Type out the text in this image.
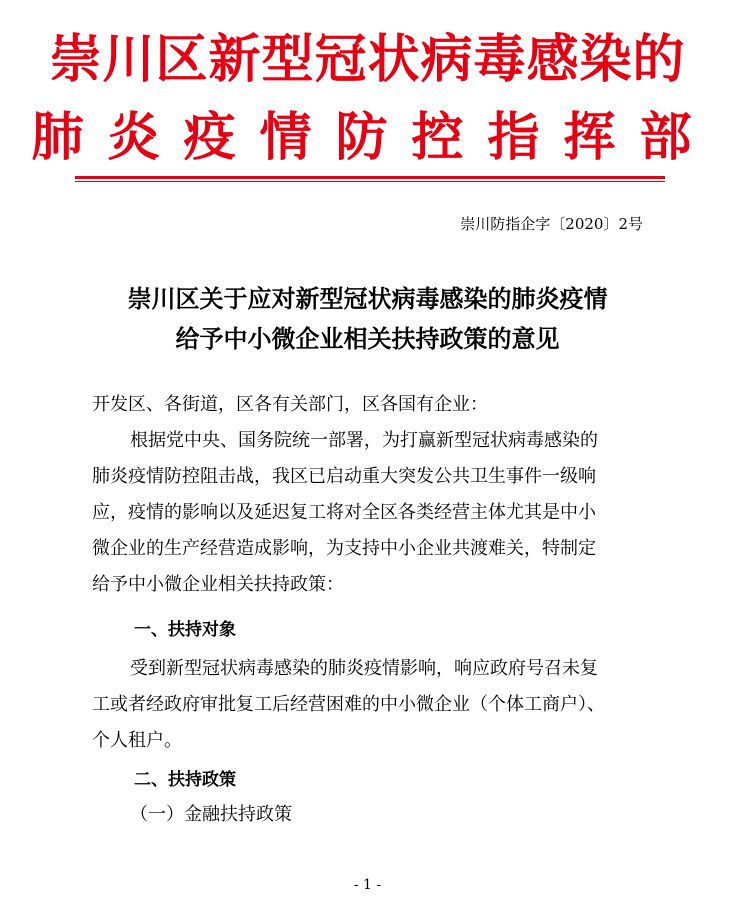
崇川区新型冠状病毒感染的
肺炎疫情防控指挥部
崇川防指企字〔2020〕2号
崇川区关于应对新型冠状病毒感染的肺炎疫情
给予中小微企业相关扶持政策的意见
开发区、各街道，区各有关部门，区各国有企业：
根据党中央、国务院统一部署，为打赢新型冠状病毒感染的
肺炎疫情防控阻击战，我区已启动重大突发公共卫生事件一级响
应，疫情的影响以及延迟复工将对全区各类经营主体尤其是中小
微企业的生产经营造成影响，为支持中小企业共渡难关，特制定
给予中小微企业相关扶持政策：
一、扶持对象
受到新型冠状病毒感染的肺炎疫情影响，响应政府号召未复
工或者经政府审批复工后经营困难的中小微企业（个体工商户）、
个人租户。
二、扶持政策
（一）金融扶持政策
- 1 -
